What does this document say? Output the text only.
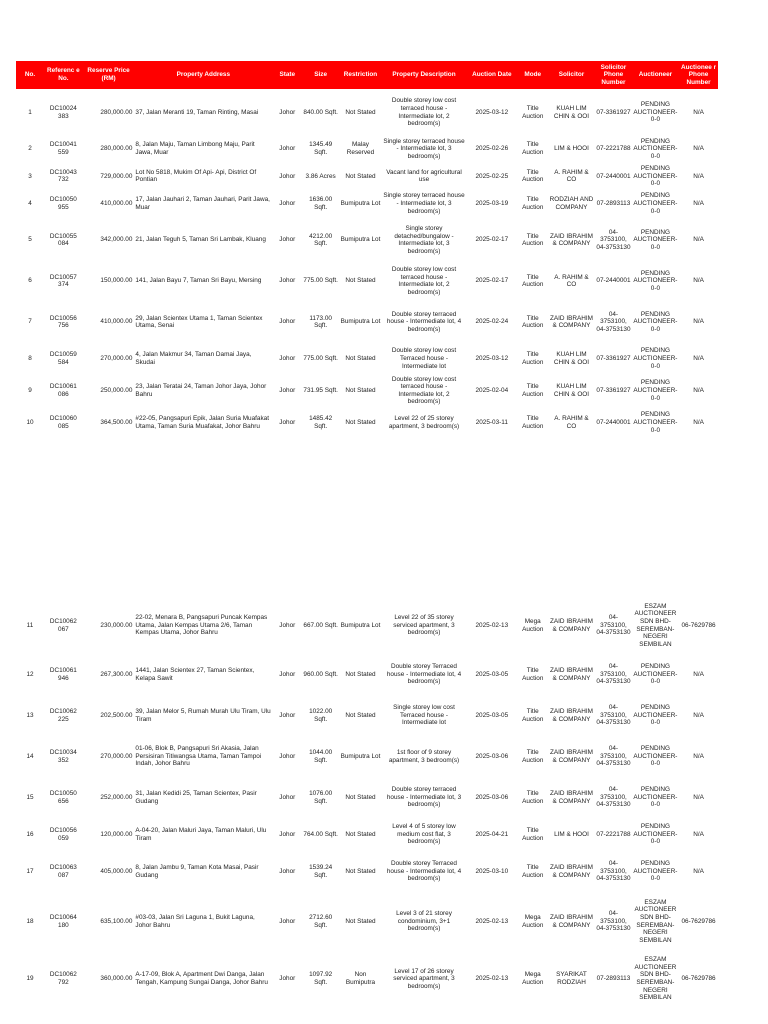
No.	Referenc e No.	Reserve Price (RM)	Property Address	State	Size	Restriction	Property Description	Auction Date	Mode	Solicitor	Solicitor Phone Number	Auctioneer	Auctionee r Phone Number
1	DC10024 383	280,000.00	37, Jalan Meranti 19, Taman Rinting, Masai	Johor	840.00 Sqft.	Not Stated	Double storey low cost terraced house - Intermediate lot, 2 bedroom(s)	2025-03-12	Title Auction	KUAH LIM CHIN & OOI	07-3361927	PENDING AUCTIONEER-0-0	N/A
2	DC10041 559	280,000.00	8, Jalan Maju, Taman Limbong Maju, Parit Jawa, Muar	Johor	1345.49 Sqft.	Malay Reserved	Single storey terraced house - Intermediate lot, 3 bedroom(s)	2025-02-26	Title Auction	LIM & HOOI	07-2221788	PENDING AUCTIONEER-0-0	N/A
3	DC10043 732	729,000.00	Lot No 5818, Mukim Of Api- Api, District Of Pontian	Johor	3.86 Acres	Not Stated	Vacant land for agricultural use	2025-02-25	Title Auction	A. RAHIM & CO	07-2440001	PENDING AUCTIONEER-0-0	N/A
4	DC10050 955	410,000.00	17, Jalan Jauhari 2, Taman Jauhari, Parit Jawa, Muar	Johor	1636.00 Sqft.	Bumiputra Lot	Single storey terraced house - Intermediate lot, 3 bedroom(s)	2025-03-19	Title Auction	RODZIAH AND COMPANY	07-2893113	PENDING AUCTIONEER-0-0	N/A
5	DC10055 084	342,000.00	21, Jalan Teguh 5, Taman Sri Lambak, Kluang	Johor	4212.00 Sqft.	Bumiputra Lot	Single storey detached/bungalow - Intermediate lot, 3 bedroom(s)	2025-02-17	Title Auction	ZAID IBRAHIM & COMPANY	04-3753100, 04-3753130	PENDING AUCTIONEER-0-0	N/A
6	DC10057 374	150,000.00	141, Jalan Bayu 7, Taman Sri Bayu, Mersing	Johor	775.00 Sqft.	Not Stated	Double storey low cost terraced house - Intermediate lot, 2 bedroom(s)	2025-02-17	Title Auction	A. RAHIM & CO	07-2440001	PENDING AUCTIONEER-0-0	N/A
7	DC10056 756	410,000.00	29, Jalan Scientex Utama 1, Taman Scientex Utama, Senai	Johor	1173.00 Sqft.	Bumiputra Lot	Double storey terraced house - Intermediate lot, 4 bedroom(s)	2025-02-24	Title Auction	ZAID IBRAHIM & COMPANY	04-3753100, 04-3753130	PENDING AUCTIONEER-0-0	N/A
8	DC10059 584	270,000.00	4, Jalan Makmur 34, Taman Damai Jaya, Skudai	Johor	775.00 Sqft.	Not Stated	Double storey low cost Terraced house - Intermediate lot	2025-03-12	Title Auction	KUAH LIM CHIN & OOI	07-3361927	PENDING AUCTIONEER-0-0	N/A
9	DC10061 086	250,000.00	23, Jalan Teratai 24, Taman Johor Jaya, Johor Bahru	Johor	731.95 Sqft.	Not Stated	Double storey low cost terraced house - Intermediate lot, 2 bedroom(s)	2025-02-04	Title Auction	KUAH LIM CHIN & OOI	07-3361927	PENDING AUCTIONEER-0-0	N/A
10	DC10060 085	364,500.00	#22-05, Pangsapuri Epik, Jalan Suria Muafakat Utama, Taman Suria Muafakat, Johor Bahru	Johor	1485.42 Sqft.	Not Stated	Level 22 of 25 storey apartment, 3 bedroom(s)	2025-03-11	Title Auction	A. RAHIM & CO	07-2440001	PENDING AUCTIONEER-0-0	N/A
11	DC10062 067	230,000.00	22-02, Menara B, Pangsapuri Puncak Kempas Utama, Jalan Kempas Utama 2/6, Taman Kempas Utama, Johor Bahru	Johor	667.00 Sqft.	Bumiputra Lot	Level 22 of 35 storey serviced apartment, 3 bedroom(s)	2025-02-13	Mega Auction	ZAID IBRAHIM & COMPANY	04-3753100, 04-3753130	ESZAM AUCTIONEER SDN BHD-SEREMBAN-NEGERI SEMBILAN	06-7629786
12	DC10061 946	267,300.00	1441, Jalan Scientex 27, Taman Scientex, Kelapa Sawit	Johor	960.00 Sqft.	Not Stated	Double storey Terraced house - Intermediate lot, 4 bedroom(s)	2025-03-05	Title Auction	ZAID IBRAHIM & COMPANY	04-3753100, 04-3753130	PENDING AUCTIONEER-0-0	N/A
13	DC10062 225	202,500.00	39, Jalan Melor 5, Rumah Murah Ulu Tiram, Ulu Tiram	Johor	1022.00 Sqft.	Not Stated	Single storey low cost Terraced house - Intermediate lot	2025-03-05	Title Auction	ZAID IBRAHIM & COMPANY	04-3753100, 04-3753130	PENDING AUCTIONEER-0-0	N/A
14	DC10034 352	270,000.00	01-06, Blok B, Pangsapuri Sri Akasia, Jalan Persisiran Titiwangsa Utama, Taman Tampoi Indah, Johor Bahru	Johor	1044.00 Sqft.	Bumiputra Lot	1st floor of 9 storey apartment, 3 bedroom(s)	2025-03-06	Title Auction	ZAID IBRAHIM & COMPANY	04-3753100, 04-3753130	PENDING AUCTIONEER-0-0	N/A
15	DC10050 656	252,000.00	31, Jalan Kedidi 25, Taman Scientex, Pasir Gudang	Johor	1076.00 Sqft.	Not Stated	Double storey terraced house - Intermediate lot, 3 bedroom(s)	2025-03-06	Title Auction	ZAID IBRAHIM & COMPANY	04-3753100, 04-3753130	PENDING AUCTIONEER-0-0	N/A
16	DC10056 059	120,000.00	A-04-20, Jalan Maluri Jaya, Taman Maluri, Ulu Tiram	Johor	764.00 Sqft.	Not Stated	Level 4 of 5 storey low medium cost flat, 3 bedroom(s)	2025-04-21	Title Auction	LIM & HOOI	07-2221788	PENDING AUCTIONEER-0-0	N/A
17	DC10063 087	405,000.00	8, Jalan Jambu 9, Taman Kota Masai, Pasir Gudang	Johor	1539.24 Sqft.	Not Stated	Double storey Terraced house - Intermediate lot, 4 bedroom(s)	2025-03-10	Title Auction	ZAID IBRAHIM & COMPANY	04-3753100, 04-3753130	PENDING AUCTIONEER-0-0	N/A
18	DC10064 180	635,100.00	#03-03, Jalan Sri Laguna 1, Bukit Laguna, Johor Bahru	Johor	2712.60 Sqft.	Not Stated	Level 3 of 21 storey condominium, 3+1 bedroom(s)	2025-02-13	Mega Auction	ZAID IBRAHIM & COMPANY	04-3753100, 04-3753130	ESZAM AUCTIONEER SDN BHD-SEREMBAN-NEGERI SEMBILAN	06-7629786
19	DC10062 792	360,000.00	A-17-09, Blok A, Apartment Dwi Danga, Jalan Tengah, Kampung Sungai Danga, Johor Bahru	Johor	1097.92 Sqft.	Non Bumiputra	Level 17 of 26 storey serviced apartment, 3 bedroom(s)	2025-02-13	Mega Auction	SYARIKAT RODZIAH	07-2893113	ESZAM AUCTIONEER SDN BHD-SEREMBAN-NEGERI SEMBILAN	06-7629786
